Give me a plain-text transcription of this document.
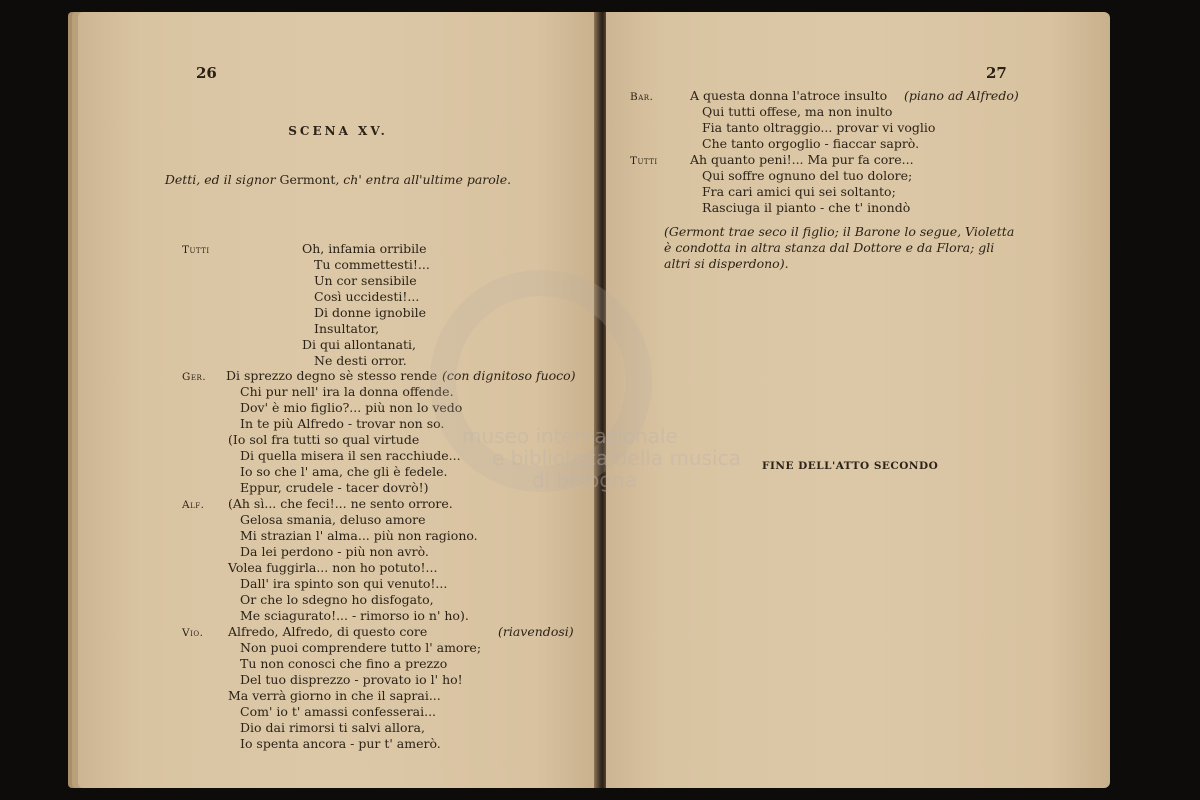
26
SCENA XV.
Detti, ed il signor Germont, ch' entra all'ultime parole.
Tutti	Oh, infamia orribile
Tu commettesti!...
Un cor sensibile
Così uccidesti!...
Di donne ignobile
Insultator,
Di qui allontanati,
Ne desti orror.
Ger. Di sprezzo degno sè stesso rende (con dignitoso fuoco)
Chi pur nell' ira la donna offende.
Dov' è mio figlio?... più non lo vedo
In te più Alfredo - trovar non so.
(Io sol fra tutti so qual virtude
Di quella misera il sen racchiude...
Io so che l' ama, che gli è fedele.
Eppur, crudele - tacer dovrò!)
Alf. (Ah sì... che feci!... ne sento orrore.
Gelosa smania, deluso amore
Mi strazian l' alma... più non ragiono.
Da lei perdono - più non avrò.
Volea fuggirla... non ho potuto!...
Dall' ira spinto son qui venuto!...
Or che lo sdegno ho disfogato,
Me sciagurato!... - rimorso io n' ho).
Vio. Alfredo, Alfredo, di questo core	(riavendosi)
Non puoi comprendere tutto l' amore;
Tu non conosci che fino a prezzo
Del tuo disprezzo - provato io l' ho!
Ma verrà giorno in che il saprai...
Com' io t' amassi confesserai...
Dio dai rimorsi ti salvi allora,
Io spenta ancora - pur t' amerò.
27
Bar.	A questa donna l'atroce insulto (piano ad Alfredo)
Qui tutti offese, ma non inulto
Fia tanto oltraggio... provar vi voglio
Che tanto orgoglio - fiaccar saprò.
Tutti	Ah quanto peni!... Ma pur fa core...
Qui soffre ognuno del tuo dolore;
Fra cari amici qui sei soltanto;
Rasciuga il pianto - che t' inondò
(Germont trae seco il figlio; il Barone lo segue, Violetta
è condotta in altra stanza dal Dottore e da Flora; gli
altri si disperdono).
FINE DELL'ATTO SECONDO
museo internazionale
e biblioteca della musica
di bologna
